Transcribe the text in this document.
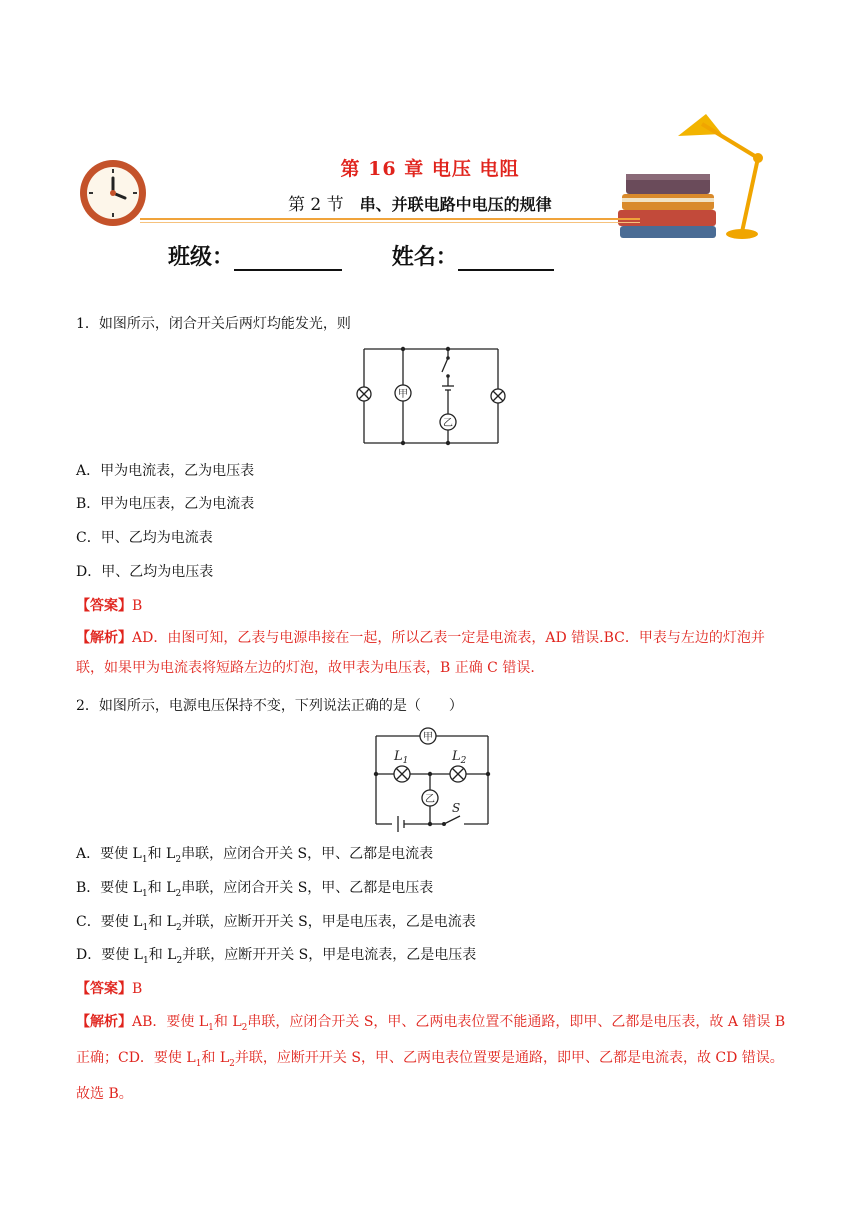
第 16 章 电压 电阻
第 2 节 串、并联电路中电压的规律
班级：	姓名：
1．如图所示，闭合开关后两灯均能发光，则
甲
乙
A．甲为电流表，乙为电压表
B．甲为电压表，乙为电流表
C．甲、乙均为电流表
D．甲、乙均为电压表
【答案】B
【解析】AD．由图可知，乙表与电源串接在一起，所以乙表一定是电流表，AD 错误.BC．甲表与左边的灯泡并联，如果甲为电流表将短路左边的灯泡，故甲表为电压表，B 正确 C 错误.
2．如图所示，电源电压保持不变，下列说法正确的是（　　）
甲
乙
$L_1$	$L_2$
S
A．要使 $L_1$和 $L_2$串联，应闭合开关 S，甲、乙都是电流表
B．要使 $L_1$和 $L_2$串联，应闭合开关 S，甲、乙都是电压表
C．要使 $L_1$和 $L_2$并联，应断开开关 S，甲是电压表，乙是电流表
D．要使 $L_1$和 $L_2$并联，应断开开关 S，甲是电流表，乙是电压表
【答案】B
【解析】AB．要使 $L_1$和 $L_2$串联，应闭合开关 S，甲、乙两电表位置不能通路，即甲、乙都是电压表，故 A 错误 B 正确；CD．要使 $L_1$和 $L_2$并联，应断开开关 S，甲、乙两电表位置要是通路，即甲、乙都是电流表，故 CD 错误。故选 B。
